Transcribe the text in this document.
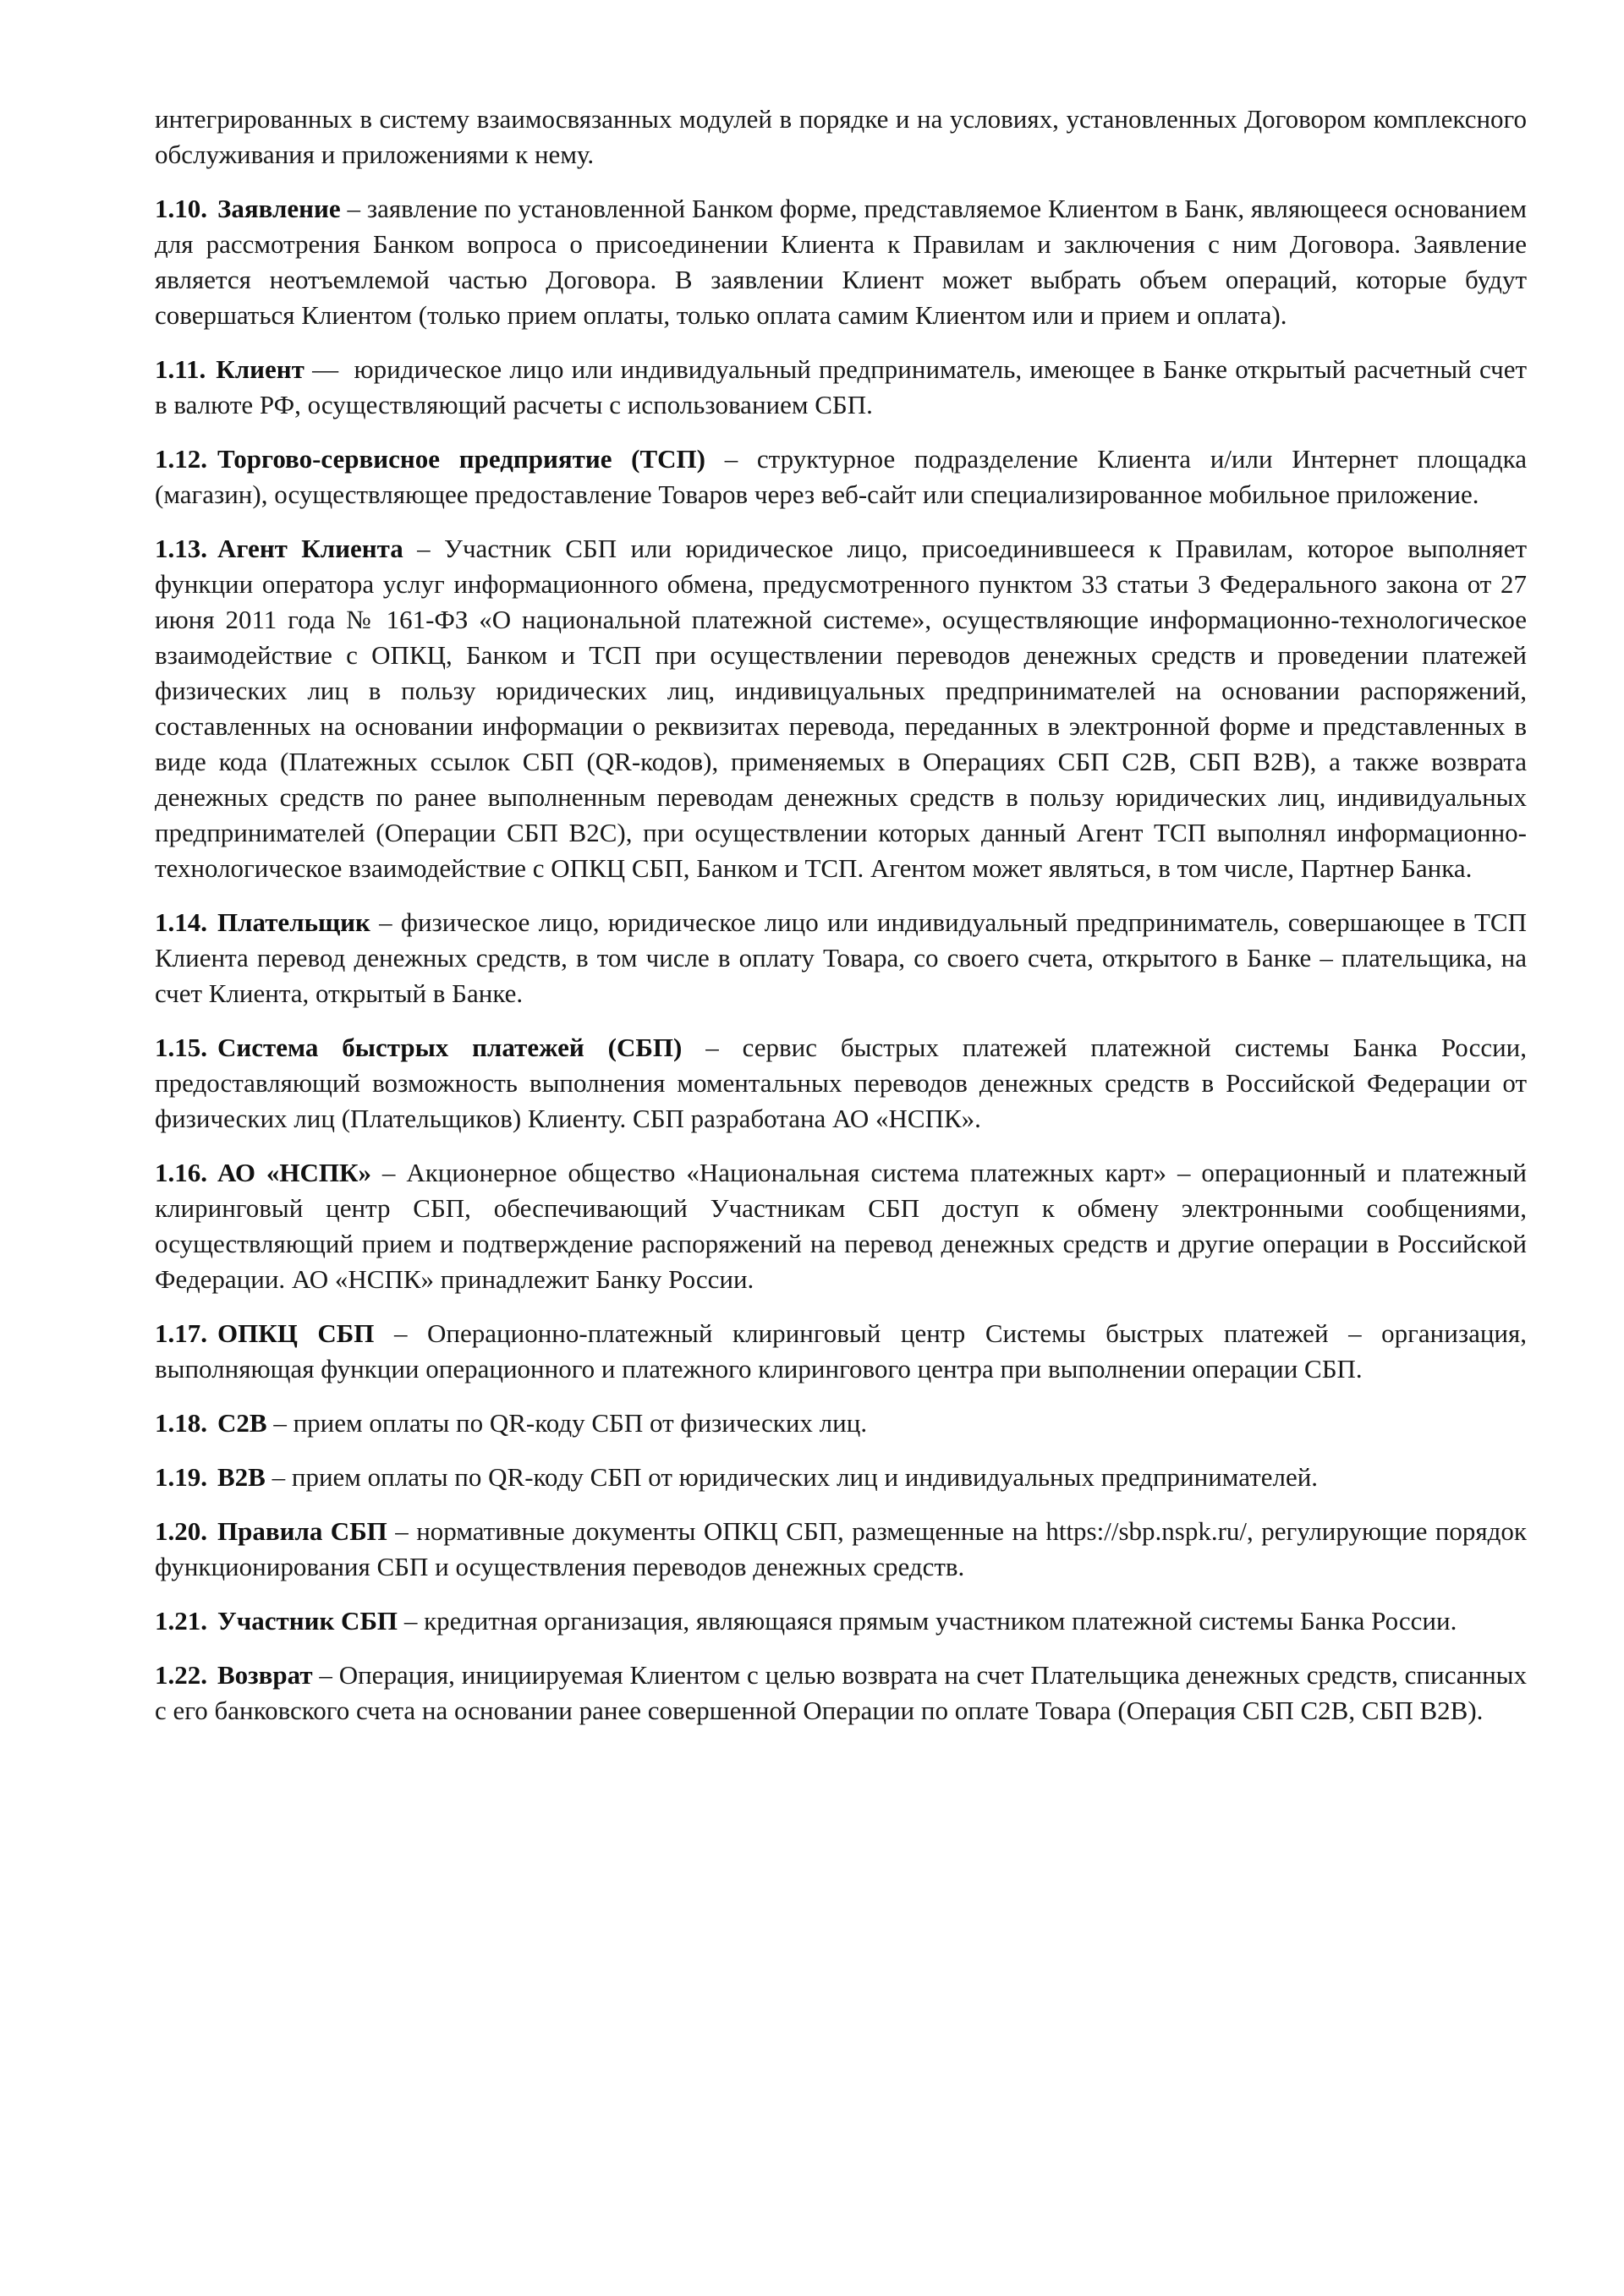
интегрированных в систему взаимосвязанных модулей в порядке и на условиях, установленных Договором комплексного обслуживания и приложениями к нему.

1.10. Заявление – заявление по установленной Банком форме, представляемое Клиентом в Банк, являющееся основанием для рассмотрения Банком вопроса о присоединении Клиента к Правилам и заключения с ним Договора. Заявление является неотъемлемой частью Договора. В заявлении Клиент может выбрать объем операций, которые будут совершаться Клиентом (только прием оплаты, только оплата самим Клиентом или и прием и оплата).

1.11. Клиент —  юридическое лицо или индивидуальный предприниматель, имеющее в Банке открытый расчетный счет в валюте РФ, осуществляющий расчеты с использованием СБП.

1.12. Торгово-сервисное предприятие (ТСП) – структурное подразделение Клиента и/или Интернет площадка (магазин), осуществляющее предоставление Товаров через веб-сайт или специализированное мобильное приложение.

1.13. Агент Клиента – Участник СБП или юридическое лицо, присоединившееся к Правилам, которое выполняет функции оператора услуг информационного обмена, предусмотренного пунктом 33 статьи 3 Федерального закона от 27 июня 2011 года № 161-ФЗ «О национальной платежной системе», осуществляющие информационно-технологическое взаимодействие с ОПКЦ, Банком и ТСП при осуществлении переводов денежных средств и проведении платежей физических лиц в пользу юридических лиц, индивицуальных предпринимателей на основании распоряжений, составленных на основании информации о реквизитах перевода, переданных в электронной форме и представленных в виде кода (Платежных ссылок СБП (QR-кодов), применяемых в Операциях СБП С2В, СБП В2В), а также возврата денежных средств по ранее выполненным переводам денежных средств в пользу юридических лиц, индивидуальных предпринимателей (Операции СБП В2С), при осуществлении которых данный Агент ТСП выполнял информационно-технологическое взаимодействие с ОПКЦ СБП, Банком и ТСП. Агентом может являться, в том числе, Партнер Банка.

1.14. Плательщик – физическое лицо, юридическое лицо или индивидуальный предприниматель, совершающее в ТСП Клиента перевод денежных средств, в том числе в оплату Товара, со своего счета, открытого в Банке – плательщика, на счет Клиента, открытый в Банке.

1.15. Система быстрых платежей (СБП) – сервис быстрых платежей платежной системы Банка России, предоставляющий возможность выполнения моментальных переводов денежных средств в Российской Федерации от физических лиц (Плательщиков) Клиенту. СБП разработана АО «НСПК».

1.16. АО «НСПК» – Акционерное общество «Национальная система платежных карт» – операционный и платежный клиринговый центр СБП, обеспечивающий Участникам СБП доступ к обмену электронными сообщениями, осуществляющий прием и подтверждение распоряжений на перевод денежных средств и другие операции в Российской Федерации. АО «НСПК» принадлежит Банку России.

1.17. ОПКЦ СБП – Операционно-платежный клиринговый центр Системы быстрых платежей – организация, выполняющая функции операционного и платежного клирингового центра при выполнении операции СБП.

1.18. С2В – прием оплаты по QR-коду СБП от физических лиц.

1.19. В2В – прием оплаты по QR-коду СБП от юридических лиц и индивидуальных предпринимателей.

1.20. Правила СБП – нормативные документы ОПКЦ СБП, размещенные на https://sbp.nspk.ru/, регулирующие порядок функционирования СБП и осуществления переводов денежных средств.

1.21. Участник СБП – кредитная организация, являющаяся прямым участником платежной системы Банка России.

1.22. Возврат – Операция, инициируемая Клиентом с целью возврата на счет Плательщика денежных средств, списанных с его банковского счета на основании ранее совершенной Операции по оплате Товара (Операция СБП С2В, СБП В2В).
